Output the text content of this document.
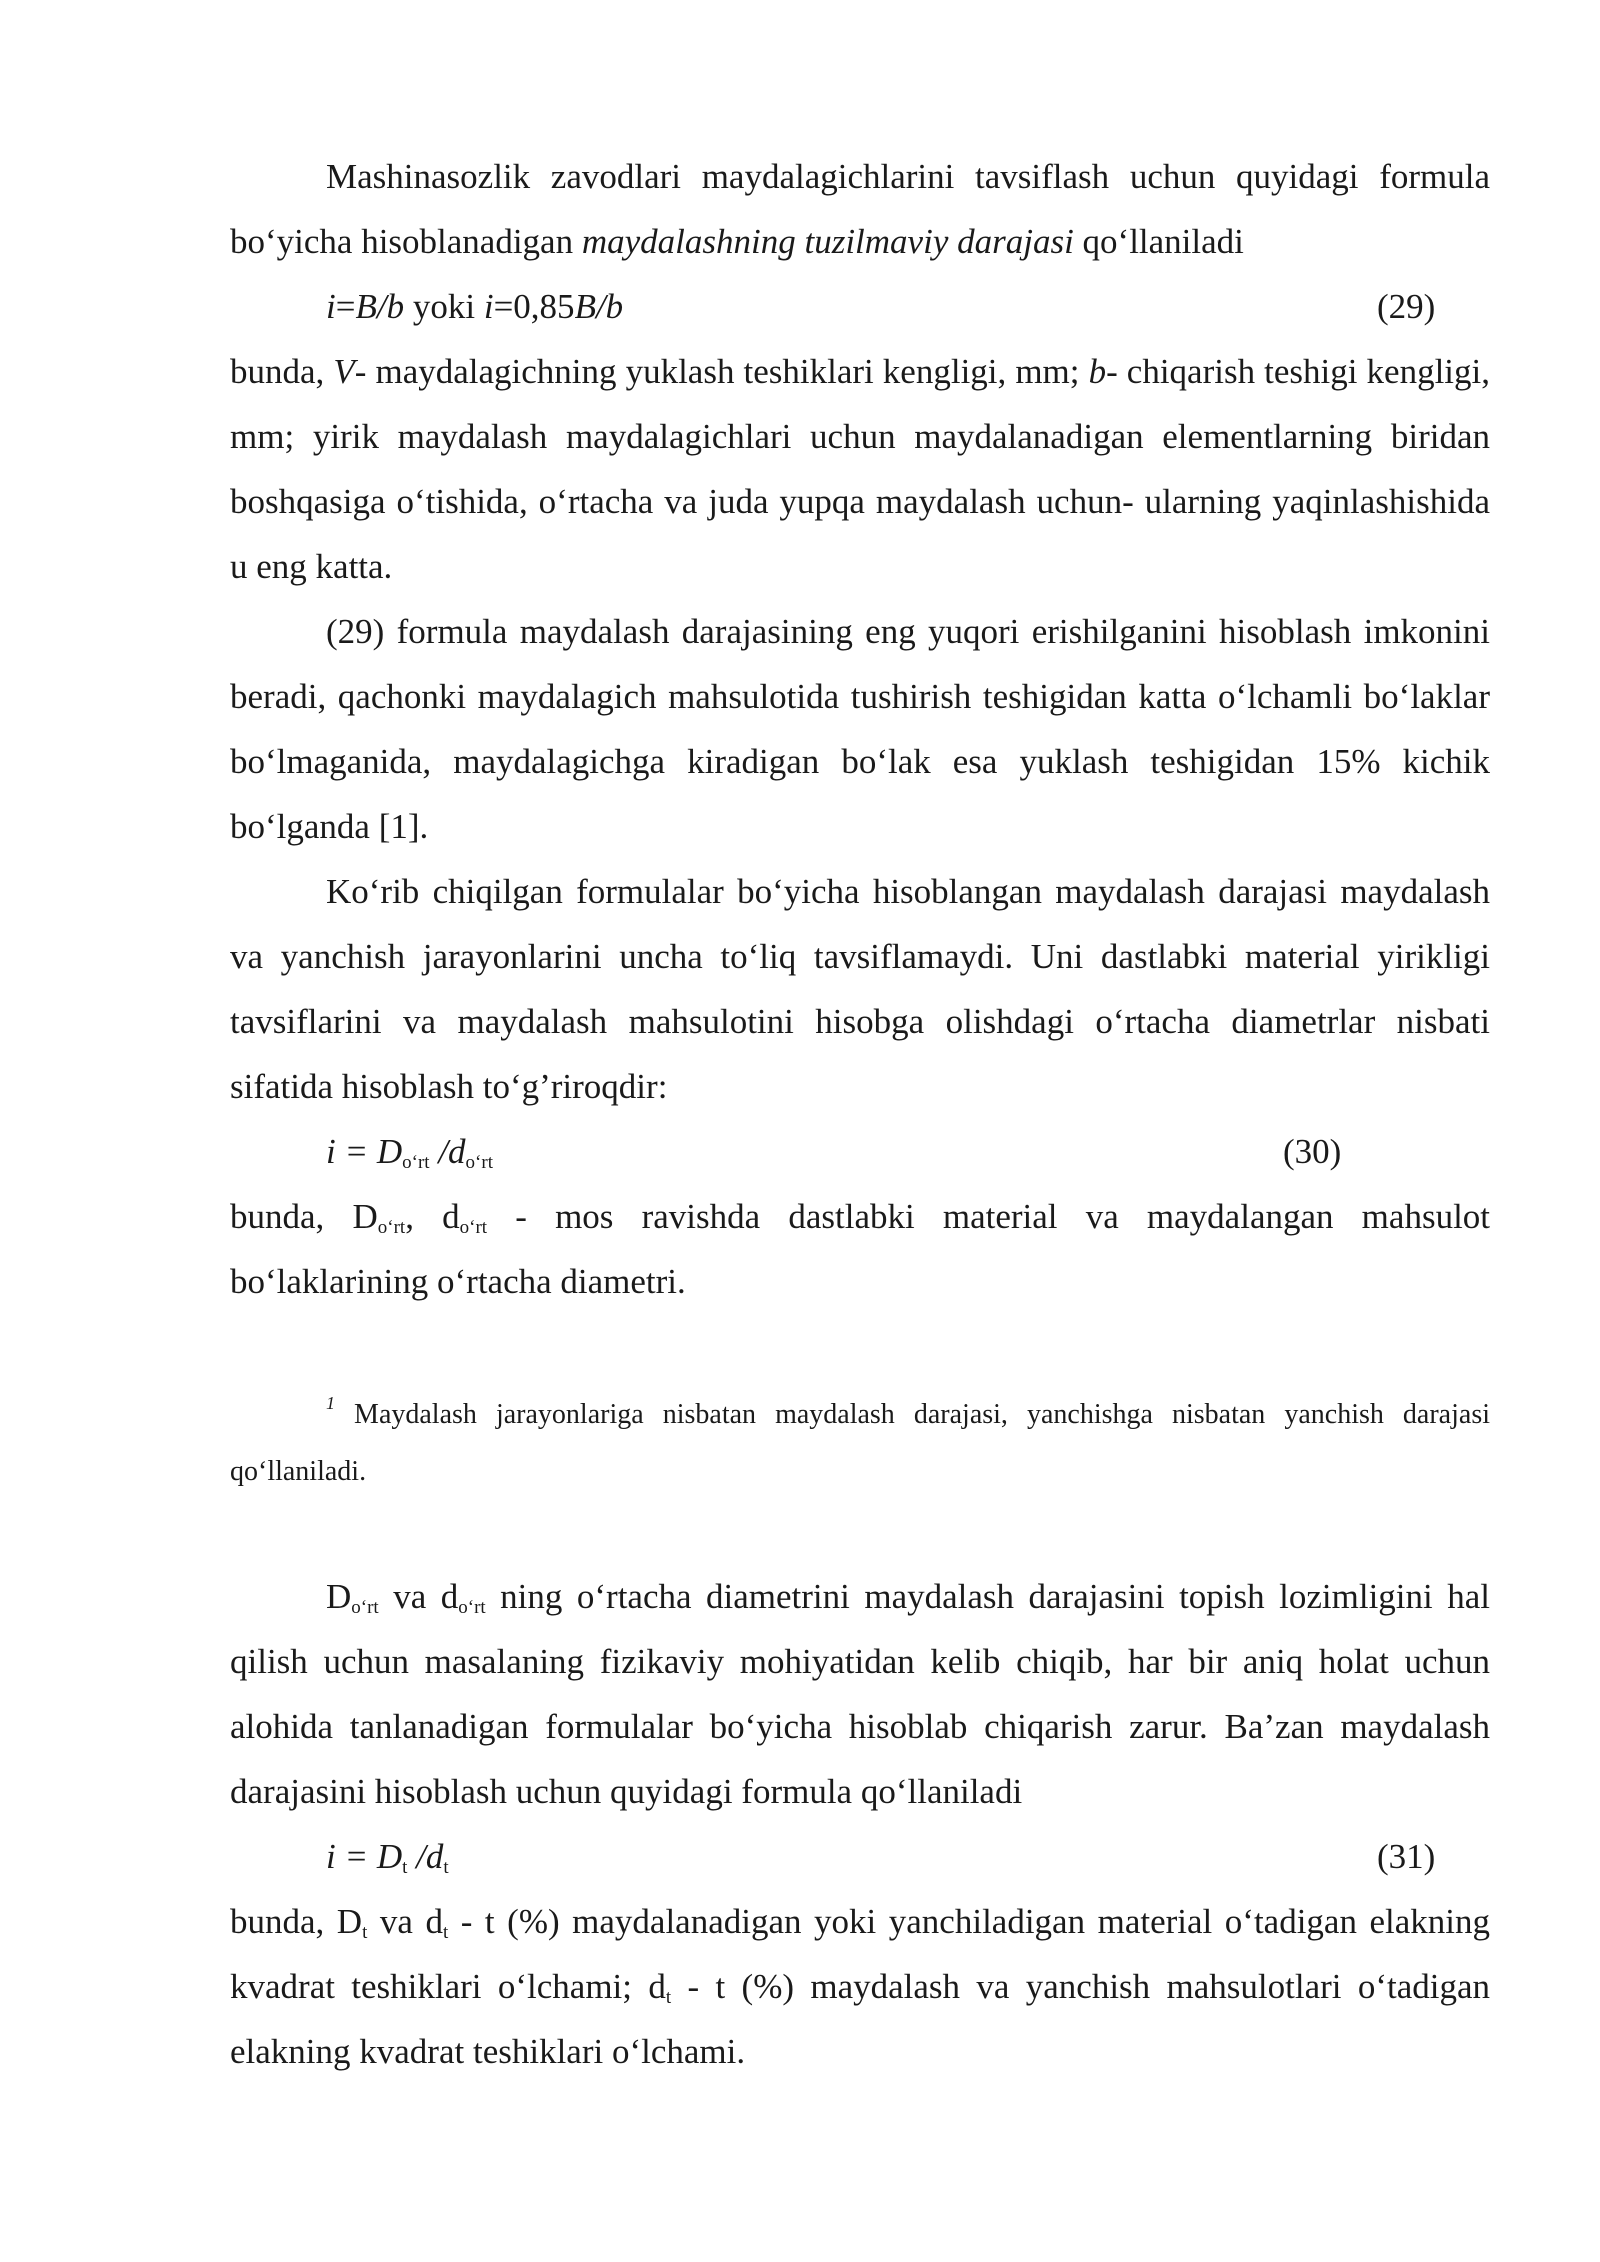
Mashinasozlik zavodlari maydalagichlarini tavsiflash uchun quyidagi formula bo‘yicha hisoblanadigan maydalashning tuzilmaviy darajasi qo‘llaniladi
i=B/b yoki i=0,85B/b	(29)
bunda, V- maydalagichning yuklash teshiklari kengligi, mm; b- chiqarish teshigi kengligi, mm; yirik maydalash maydalagichlari uchun maydalanadigan elementlarning biridan boshqasiga o‘tishida, o‘rtacha va juda yupqa maydalash uchun- ularning yaqinlashishida u eng katta.
(29) formula maydalash darajasining eng yuqori erishilganini hisoblash imkonini beradi, qachonki maydalagich mahsulotida tushirish teshigidan katta o‘lchamli bo‘laklar bo‘lmaganida, maydalagichga kiradigan bo‘lak esa yuklash teshigidan 15% kichik bo‘lganda [1].
Ko‘rib chiqilgan formulalar bo‘yicha hisoblangan maydalash darajasi maydalash va yanchish jarayonlarini uncha to‘liq tavsiflamaydi. Uni dastlabki material yirikligi tavsiflarini va maydalash mahsulotini hisobga olishdagi o‘rtacha diametrlar nisbati sifatida hisoblash to‘g’riroqdir:
$i = D_{o‘rt}$ $/d_{o‘rt}$	(30)
bunda, $D_{o‘rt}$, $d_{o‘rt}$ - mos ravishda dastlabki material va maydalangan mahsulot bo‘laklarining o‘rtacha diametri.
$^1$ Maydalash jarayonlariga nisbatan maydalash darajasi, yanchishga nisbatan yanchish darajasi qo‘llaniladi.
$D_{o‘rt}$ va $d_{o‘rt}$ ning o‘rtacha diametrini maydalash darajasini topish lozimligini hal qilish uchun masalaning fizikaviy mohiyatidan kelib chiqib, har bir aniq holat uchun alohida tanlanadigan formulalar bo‘yicha hisoblab chiqarish zarur. Ba’zan maydalash darajasini hisoblash uchun quyidagi formula qo‘llaniladi
$i = D_t$ $/d_t$	(31)
bunda, $D_t$ va $d_t$ - t (%) maydalanadigan yoki yanchiladigan material o‘tadigan elakning kvadrat teshiklari o‘lchami; $d_t$ - t (%) maydalash va yanchish mahsulotlari o‘tadigan elakning kvadrat teshiklari o‘lchami.
